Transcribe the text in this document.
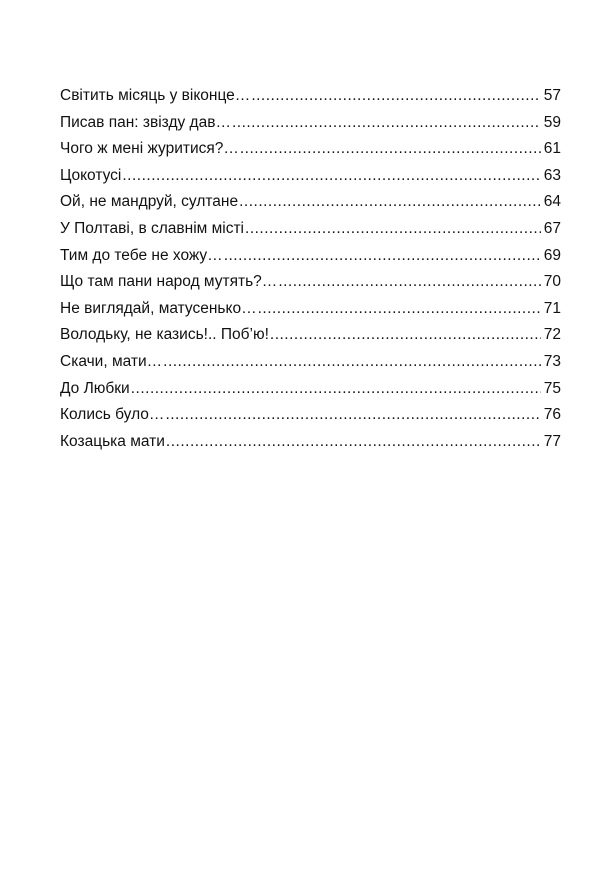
Світить місяць у віконце… .....	57
Писав пан: звізду дав… .....	59
Чого ж мені журитися?… .....	61
Цокотусі .....	63
Ой, не мандруй, султане .....	64
У Полтаві, в славнім місті .....	67
Тим до тебе не хожу… .....	69
Що там пани народ мутять?… .....	70
Не виглядай, матусенько… .....	71
Володьку, не казись!.. Поб’ю! .....	72
Скачи, мати… .....	73
До Любки .....	75
Колись було… .....	76
Козацька мати .....	77
